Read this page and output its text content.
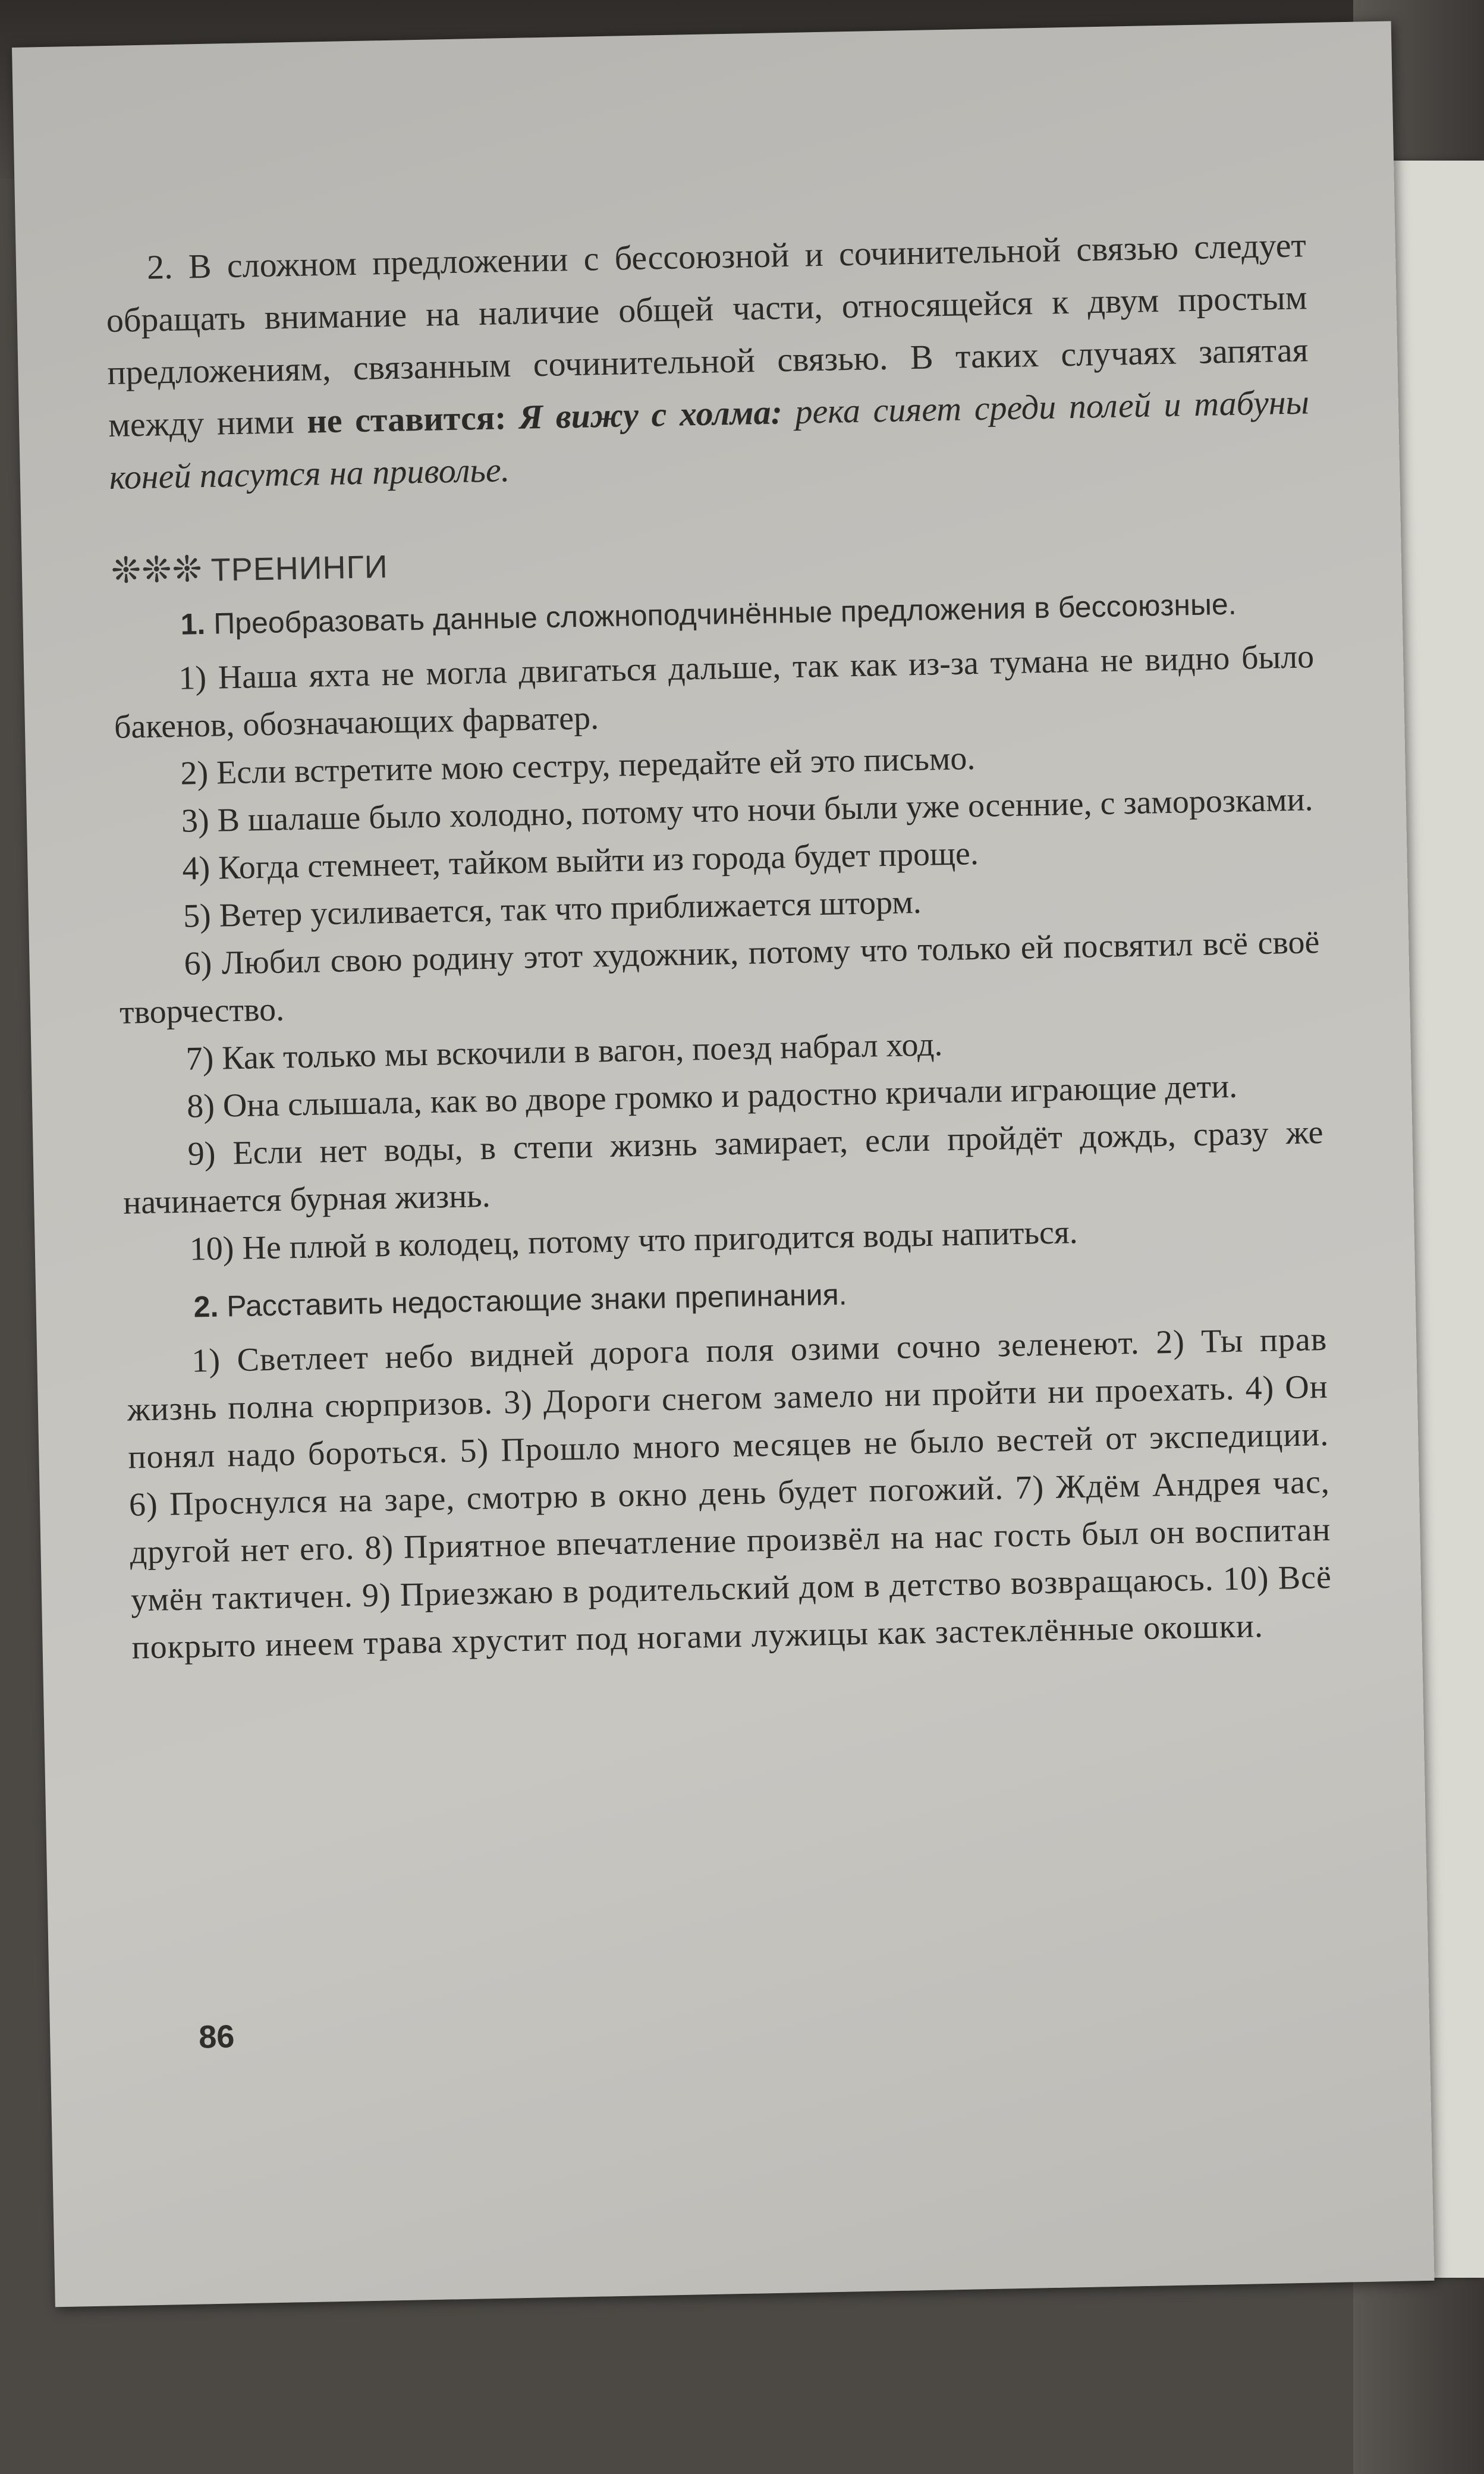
2. В сложном предложении с бессоюзной и сочинительной связью следует обращать внимание на наличие общей части, относящейся к двум простым предложениям, связанным сочинительной связью. В таких случаях запятая между ними не ставится: Я вижу с холма: река сияет среди полей и табуны коней пасутся на приволье.

❊❊❊ ТРЕНИНГИ

1. Преобразовать данные сложноподчинённые предложения в бессоюзные.

1) Наша яхта не могла двигаться дальше, так как из-за тумана не видно было бакенов, обозначающих фарватер.

2) Если встретите мою сестру, передайте ей это письмо.

3) В шалаше было холодно, потому что ночи были уже осенние, с заморозками.

4) Когда стемнеет, тайком выйти из города будет проще.

5) Ветер усиливается, так что приближается шторм.

6) Любил свою родину этот художник, потому что только ей посвятил всё своё творчество.

7) Как только мы вскочили в вагон, поезд набрал ход.

8) Она слышала, как во дворе громко и радостно кричали играющие дети.

9) Если нет воды, в степи жизнь замирает, если пройдёт дождь, сразу же начинается бурная жизнь.

10) Не плюй в колодец, потому что пригодится воды напиться.

2. Расставить недостающие знаки препинания.

1) Светлеет небо видней дорога поля озими сочно зеленеют. 2) Ты прав жизнь полна сюрпризов. 3) Дороги снегом замело ни пройти ни проехать. 4) Он понял надо бороться. 5) Прошло много месяцев не было вестей от экспедиции. 6) Проснулся на заре, смотрю в окно день будет погожий. 7) Ждём Андрея час, другой нет его. 8) Приятное впечатление произвёл на нас гость был он воспитан умён тактичен. 9) Приезжаю в родительский дом в детство возвращаюсь. 10) Всё покрыто инеем трава хрустит под ногами лужицы как застеклённые окошки.

86
